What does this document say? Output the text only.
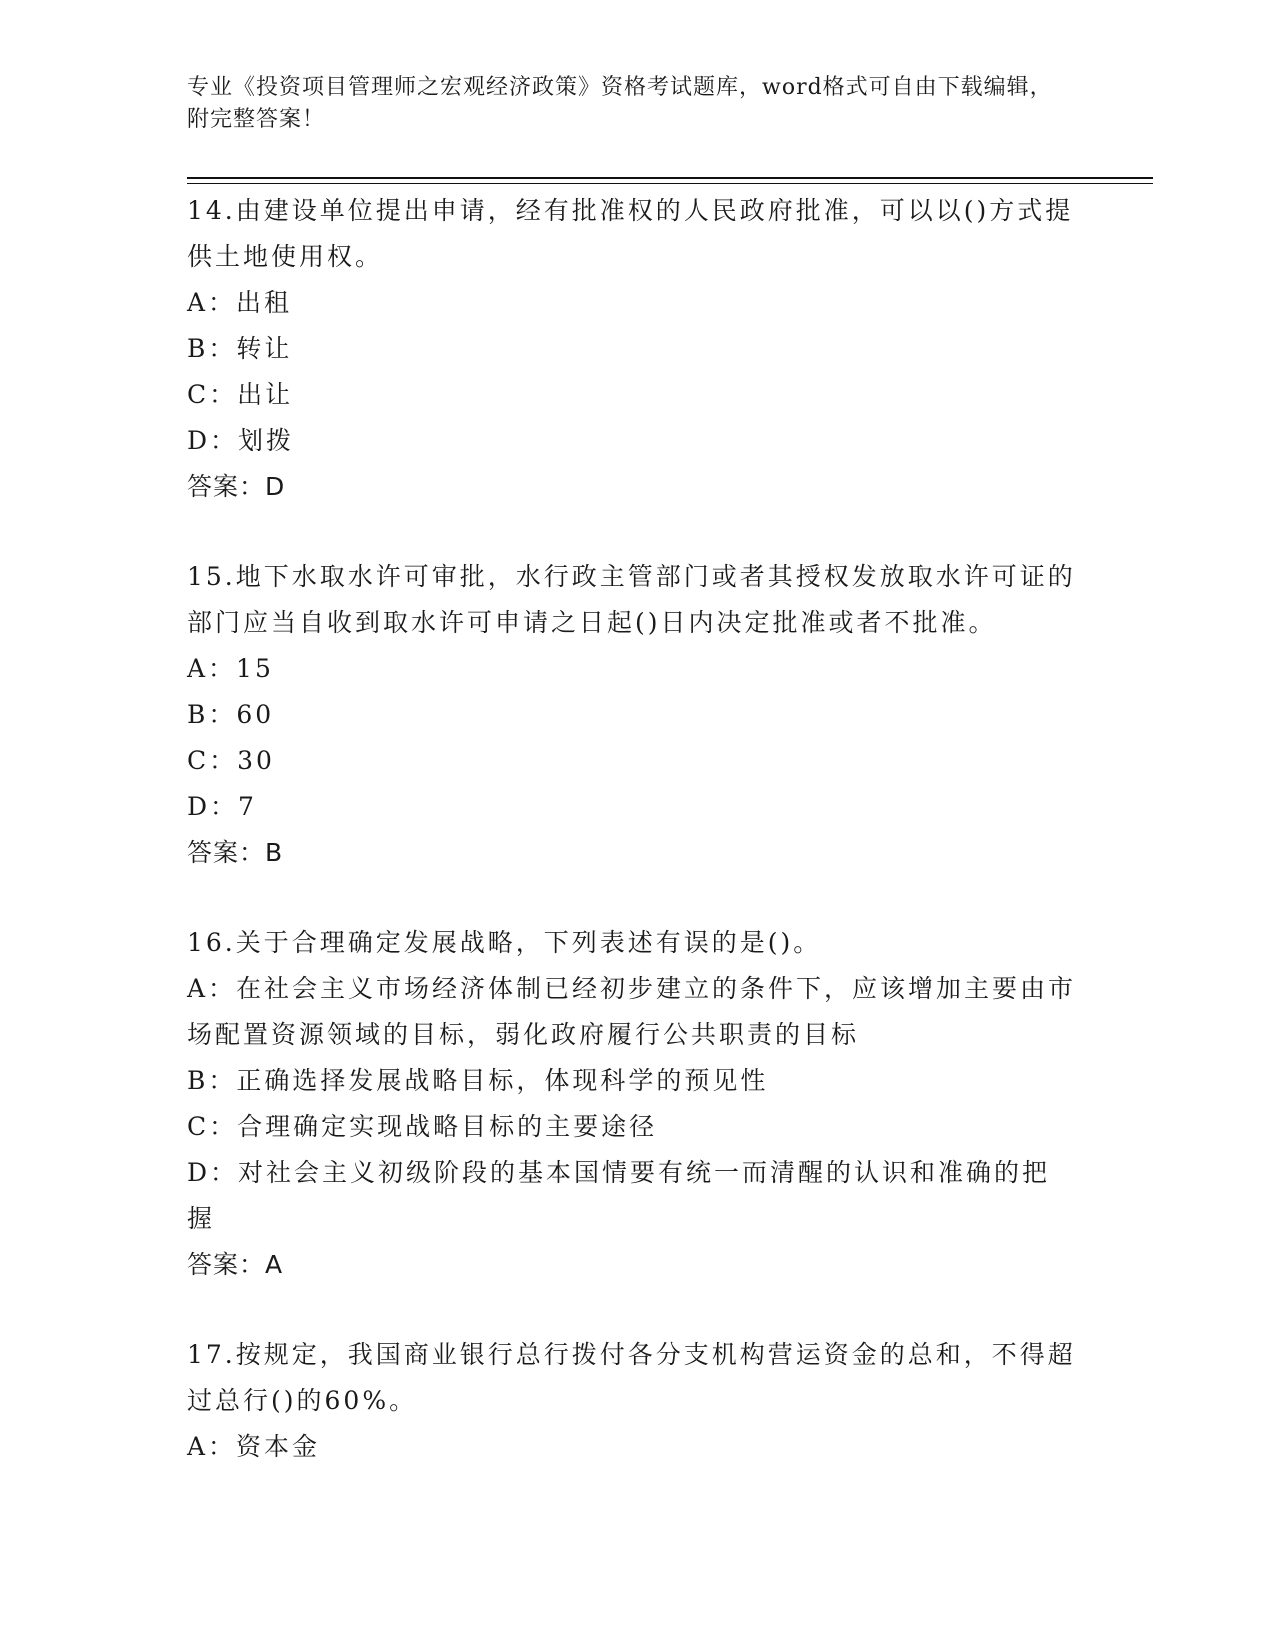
专业《投资项目管理师之宏观经济政策》资格考试题库，word格式可自由下载编辑，附完整答案！

14.由建设单位提出申请，经有批准权的人民政府批准，可以以()方式提供土地使用权。

A：出租

B：转让

C：出让

D：划拨

答案：D

15.地下水取水许可审批，水行政主管部门或者其授权发放取水许可证的部门应当自收到取水许可申请之日起()日内决定批准或者不批准。

A：15

B：60

C：30

D：7

答案：B

16.关于合理确定发展战略，下列表述有误的是()。

A：在社会主义市场经济体制已经初步建立的条件下，应该增加主要由市场配置资源领域的目标，弱化政府履行公共职责的目标

B：正确选择发展战略目标，体现科学的预见性

C：合理确定实现战略目标的主要途径

D：对社会主义初级阶段的基本国情要有统一而清醒的认识和准确的把握

答案：A

17.按规定，我国商业银行总行拨付各分支机构营运资金的总和，不得超过总行()的60%。

A：资本金
